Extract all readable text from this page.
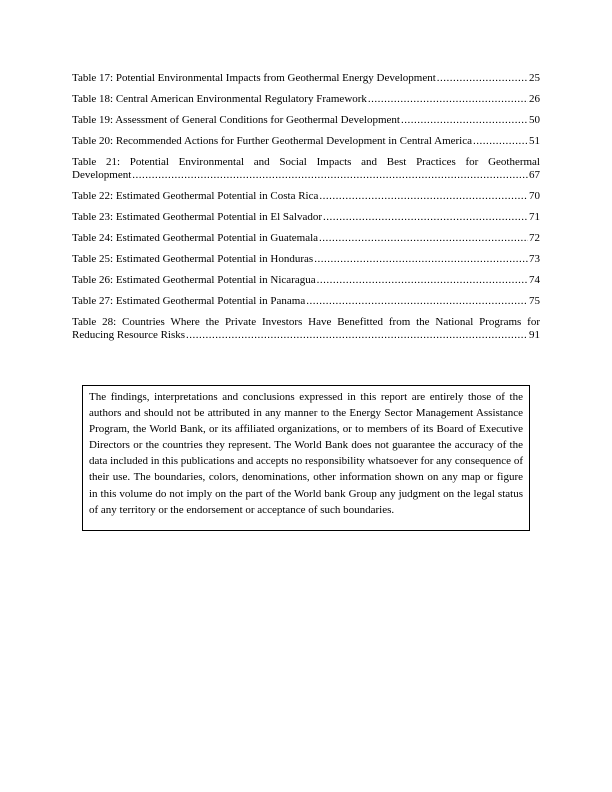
Table 17: Potential Environmental Impacts from Geothermal Energy Development .....	25
Table 18: Central American Environmental Regulatory Framework .....	26
Table 19: Assessment of General Conditions for Geothermal Development .....	50
Table 20: Recommended Actions for Further Geothermal Development in Central America .....	51
Table 21: Potential Environmental and Social Impacts and Best Practices for Geothermal
Development .....	67
Table 22: Estimated Geothermal Potential in Costa Rica .....	70
Table 23: Estimated Geothermal Potential in El Salvador .....	71
Table 24: Estimated Geothermal Potential in Guatemala .....	72
Table 25: Estimated Geothermal Potential in Honduras .....	73
Table 26: Estimated Geothermal Potential in Nicaragua .....	74
Table 27: Estimated Geothermal Potential in Panama .....	75
Table 28: Countries Where the Private Investors Have Benefitted from the National Programs for
Reducing Resource Risks .....	91

The findings, interpretations and conclusions expressed in this report are entirely those of the authors and should not be attributed in any manner to the Energy Sector Management Assistance Program, the World Bank, or its affiliated organizations, or to members of its Board of Executive Directors or the countries they represent. The World Bank does not guarantee the accuracy of the data included in this publications and accepts no responsibility whatsoever for any consequence of their use. The boundaries, colors, denominations, other information shown on any map or figure in this volume do not imply on the part of the World bank Group any judgment on the legal status of any territory or the endorsement or acceptance of such boundaries.
